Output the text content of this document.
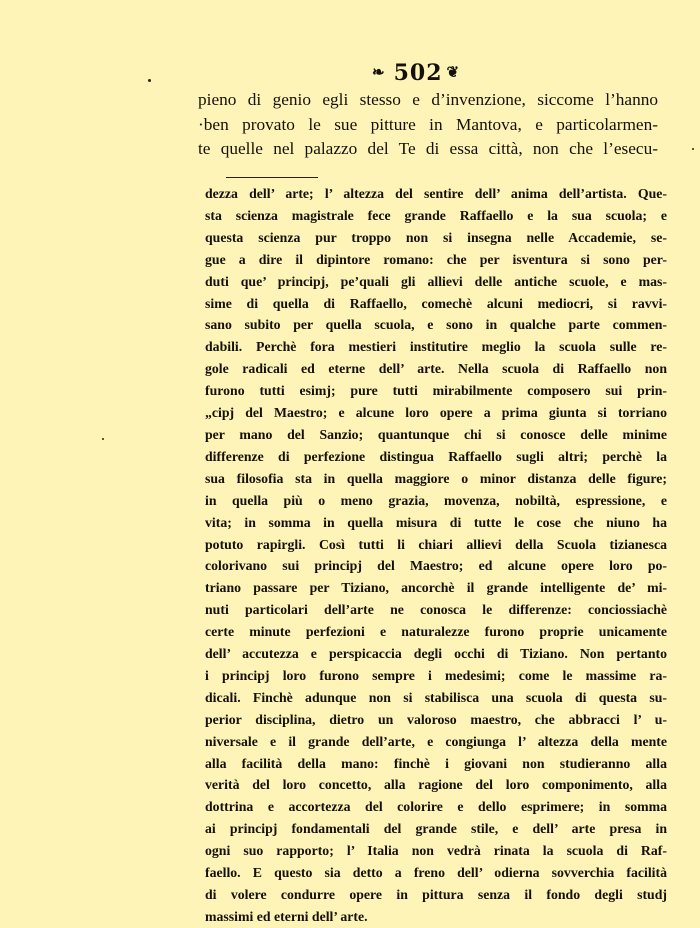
❧ 502 ❦
pieno di genio egli stesso e d’invenzione, siccome l’hanno
·ben provato le sue pitture in Mantova, e particolarmen-
te quelle nel palazzo del Te di essa città, non che l’esecu-
dezza dell’ arte; l’ altezza del sentire dell’ anima dell’artista. Que-
sta scienza magistrale fece grande Raffaello e la sua scuola; e
questa scienza pur troppo non si insegna nelle Accademie, se-
gue a dire il dipintore romano: che per isventura si sono per-
duti que’ principj, pe’quali gli allievi delle antiche scuole, e mas-
sime di quella di Raffaello, comechè alcuni mediocri, si ravvi-
sano subito per quella scuola, e sono in qualche parte commen-
dabili. Perchè fora mestieri institutire meglio la scuola sulle re-
gole radicali ed eterne dell’ arte. Nella scuola di Raffaello non
furono tutti esimj; pure tutti mirabilmente composero sui prin-
„cipj del Maestro; e alcune loro opere a prima giunta si torriano
per mano del Sanzio; quantunque chi si conosce delle minime
differenze di perfezione distingua Raffaello sugli altri; perchè la
sua filosofia sta in quella maggiore o minor distanza delle figure;
in quella più o meno grazia, movenza, nobiltà, espressione, e
vita; in somma in quella misura di tutte le cose che niuno ha
potuto rapirgli. Così tutti li chiari allievi della Scuola tizianesca
colorivano sui principj del Maestro; ed alcune opere loro po-
triano passare per Tiziano, ancorchè il grande intelligente de’ mi-
nuti particolari dell’arte ne conosca le differenze: conciossiachè
certe minute perfezioni e naturalezze furono proprie unicamente
dell’ accutezza e perspicaccia degli occhi di Tiziano. Non pertanto
i principj loro furono sempre i medesimi; come le massime ra-
dicali. Finchè adunque non si stabilisca una scuola di questa su-
perior disciplina, dietro un valoroso maestro, che abbracci l’ u-
niversale e il grande dell’arte, e congiunga l’ altezza della mente
alla facilità della mano: finchè i giovani non studieranno alla
verità del loro concetto, alla ragione del loro componimento, alla
dottrina e accortezza del colorire e dello esprimere; in somma
ai principj fondamentali del grande stile, e dell’ arte presa in
ogni suo rapporto; l’ Italia non vedrà rinata la scuola di Raf-
faello. E questo sia detto a freno dell’ odierna sovverchia facilità
di volere condurre opere in pittura senza il fondo degli studj
massimi ed eterni dell’ arte.
